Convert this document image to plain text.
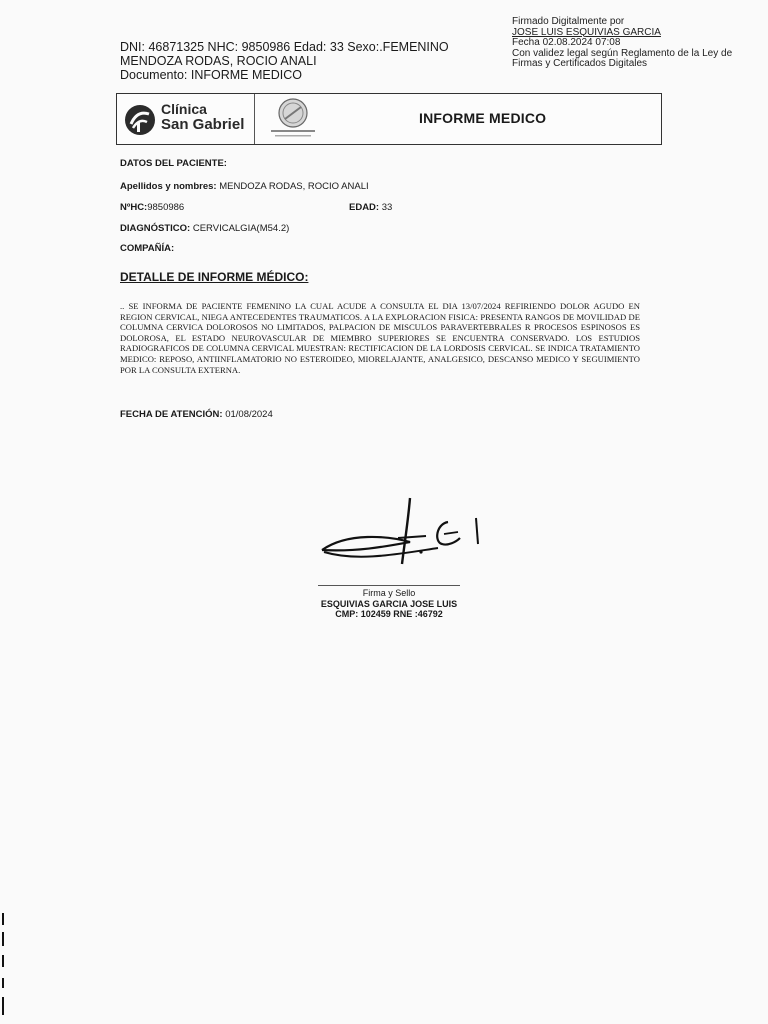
DNI: 46871325 NHC: 9850986 Edad: 33 Sexo:.FEMENINO
MENDOZA RODAS, ROCIO ANALI
Documento: INFORME MEDICO
Firmado Digitalmente por
JOSE LUIS ESQUIVIAS GARCIA
Fecha 02.08.2024 07:08
Con validez legal según Reglamento de la Ley de
Firmas y Certificados Digitales
Clínica
San Gabriel	INFORME MEDICO
DATOS DEL PACIENTE:
Apellidos y nombres: MENDOZA RODAS, ROCIO ANALI
NºHC:9850986	EDAD: 33
DIAGNÓSTICO: CERVICALGIA(M54.2)
COMPAÑÍA:
DETALLE DE INFORME MÉDICO:
.. SE INFORMA DE PACIENTE FEMENINO LA CUAL ACUDE A CONSULTA EL DIA 13/07/2024 REFIRIENDO DOLOR AGUDO EN REGION CERVICAL, NIEGA ANTECEDENTES TRAUMATICOS. A LA EXPLORACION FISICA: PRESENTA RANGOS DE MOVILIDAD DE COLUMNA CERVICA DOLOROSOS NO LIMITADOS, PALPACION DE MISCULOS PARAVERTEBRALES R PROCESOS ESPINOSOS ES DOLOROSA, EL ESTADO NEUROVASCULAR DE MIEMBRO SUPERIORES SE ENCUENTRA CONSERVADO. LOS ESTUDIOS RADIOGRAFICOS DE COLUMNA CERVICAL MUESTRAN: RECTIFICACION DE LA LORDOSIS CERVICAL. SE INDICA TRATAMIENTO MEDICO: REPOSO, ANTIINFLAMATORIO NO ESTEROIDEO, MIORELAJANTE, ANALGESICO, DESCANSO MEDICO Y SEGUIMIENTO POR LA CONSULTA EXTERNA.
FECHA DE ATENCIÓN: 01/08/2024
Firma y Sello
ESQUIVIAS GARCIA JOSE LUIS
CMP: 102459 RNE :46792
